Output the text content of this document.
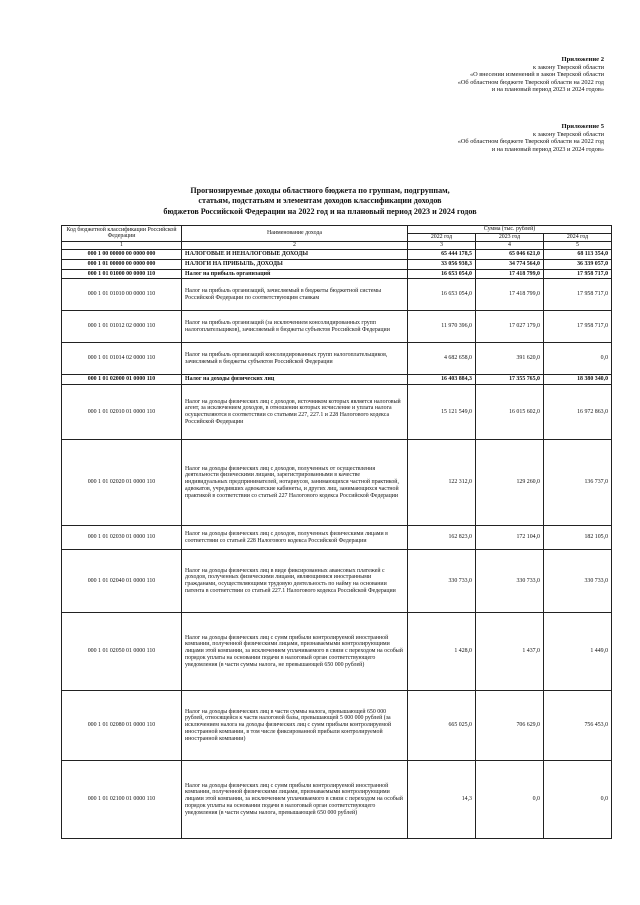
Приложение 2
к закону Тверской области
«О внесении изменений в закон Тверской области
«Об областном бюджете Тверской области на 2022 год
и на плановый период 2023 и 2024 годов»
Приложение 5
к закону Тверской области
«Об областном бюджете Тверской области на 2022 год
и на плановый период 2023 и 2024 годов»
Прогнозируемые доходы областного бюджета по группам, подгруппам,
статьям, подстатьям и элементам доходов классификации доходов
бюджетов Российской Федерации на 2022 год и на плановый период 2023 и 2024 годов
Код бюджетной классификации Российской Федерации	Наименование дохода	Сумма (тыс. рублей)		
		2022 год	2023 год	2024 год
1	2	3	4	5
000 1 00 00000 00 0000 000	НАЛОГОВЫЕ И НЕНАЛОГОВЫЕ ДОХОДЫ	65 444 178,5	65 046 621,0	68 113 354,0
000 1 01 00000 00 0000 000	НАЛОГИ НА ПРИБЫЛЬ, ДОХОДЫ	33 056 938,3	34 774 564,0	36 339 057,0
000 1 01 01000 00 0000 110	Налог на прибыль организаций	16 653 054,0	17 418 799,0	17 958 717,0
000 1 01 01010 00 0000 110	Налог на прибыль организаций, зачисляемый в бюджеты бюджетной системы Российской Федерации по соответствующим ставкам	16 653 054,0	17 418 799,0	17 958 717,0
000 1 01 01012 02 0000 110	Налог на прибыль организаций (за исключением консолидированных групп налогоплательщиков), зачисляемый в бюджеты субъектов Российской Федерации	11 970 396,0	17 027 179,0	17 958 717,0
000 1 01 01014 02 0000 110	Налог на прибыль организаций консолидированных групп налогоплательщиков, зачисляемый в бюджеты субъектов Российской Федерации	4 682 658,0	391 620,0	0,0
000 1 01 02000 01 0000 110	Налог на доходы физических лиц	16 403 884,3	17 355 765,0	18 380 340,0
000 1 01 02010 01 0000 110	Налог на доходы физических лиц с доходов, источником которых является налоговый агент, за исключением доходов, в отношении которых исчисление и уплата налога осуществляются в соответствии со статьями 227, 227.1 и 228 Налогового кодекса Российской Федерации	15 121 549,0	16 015 602,0	16 972 863,0
000 1 01 02020 01 0000 110	Налог на доходы физических лиц с доходов, полученных от осуществления деятельности физическими лицами, зарегистрированными в качестве индивидуальных предпринимателей, нотариусов, занимающихся частной практикой, адвокатов, учредивших адвокатские кабинеты, и других лиц, занимающихся частной практикой в соответствии со статьей 227 Налогового кодекса Российской Федерации	122 312,0	129 260,0	136 737,0
000 1 01 02030 01 0000 110	Налог на доходы физических лиц с доходов, полученных физическими лицами в соответствии со статьей 228 Налогового кодекса Российской Федерации	162 823,0	172 104,0	182 105,0
000 1 01 02040 01 0000 110	Налог на доходы физических лиц в виде фиксированных авансовых платежей с доходов, полученных физическими лицами, являющимися иностранными гражданами, осуществляющими трудовую деятельность по найму на основании патента в соответствии со статьей 227.1 Налогового кодекса Российской Федерации	330 733,0	330 733,0	330 733,0
000 1 01 02050 01 0000 110	Налог на доходы физических лиц с сумм прибыли контролируемой иностранной компании, полученной физическими лицами, признаваемыми контролирующими лицами этой компании, за исключением уплачиваемого в связи с переходом на особый порядок уплаты на основании подачи в налоговый орган соответствующего уведомления (в части суммы налога, не превышающей 650 000 рублей)	1 428,0	1 437,0	1 449,0
000 1 01 02080 01 0000 110	Налог на доходы физических лиц в части суммы налога, превышающей 650 000 рублей, относящейся к части налоговой базы, превышающей 5 000 000 рублей (за исключением налога на доходы физических лиц с сумм прибыли контролируемой иностранной компании, в том числе фиксированной прибыли контролируемой иностранной компании)	665 025,0	706 629,0	756 453,0
000 1 01 02100 01 0000 110	Налог на доходы физических лиц с сумм прибыли контролируемой иностранной компании, полученной физическими лицами, признаваемыми контролирующими лицами этой компании, за исключением уплачиваемого в связи с переходом на особый порядок уплаты на основании подачи в налоговый орган соответствующего уведомления (в части суммы налога, превышающей 650 000 рублей)	14,3	0,0	0,0
